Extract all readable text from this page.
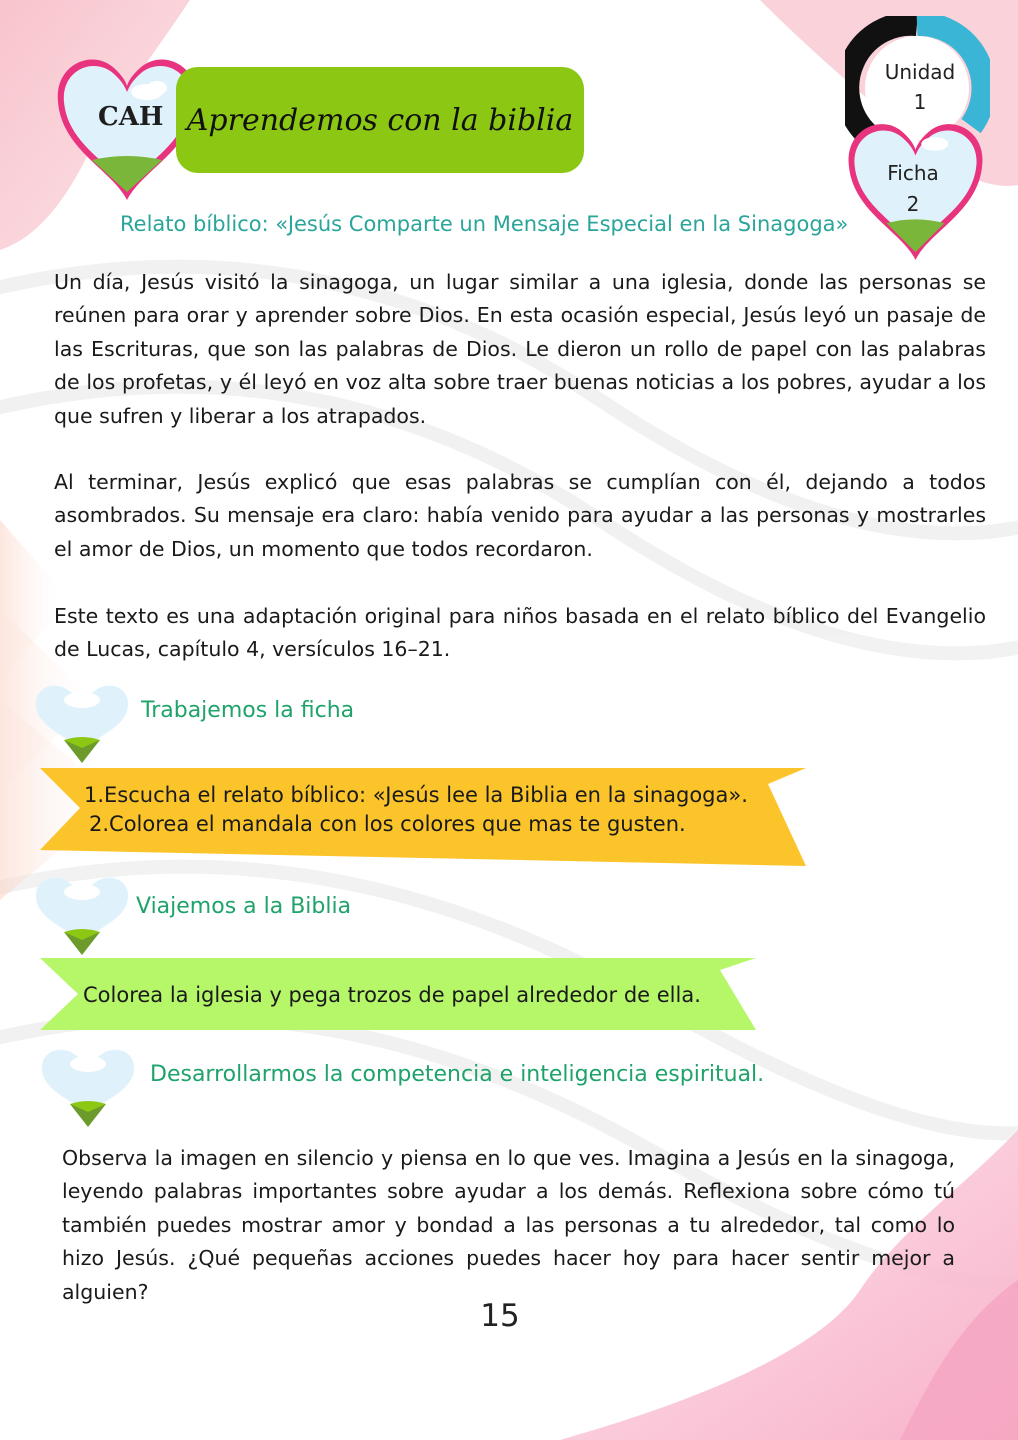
CAH Aprendemos con la biblia
Unidad
1
Ficha
2
Relato bíblico: «Jesús Comparte un Mensaje Especial en la Sinagoga»

Un día, Jesús visitó la sinagoga, un lugar similar a una iglesia, donde las personas se reúnen para orar y aprender sobre Dios. En esta ocasión especial, Jesús leyó un pasaje de las Escrituras, que son las palabras de Dios. Le dieron un rollo de papel con las palabras de los profetas, y él leyó en voz alta sobre traer buenas noticias a los pobres, ayudar a los que sufren y liberar a los atrapados.

Al terminar, Jesús explicó que esas palabras se cumplían con él, dejando a todos asombrados. Su mensaje era claro: había venido para ayudar a las personas y mostrarles el amor de Dios, un momento que todos recordaron.

Este texto es una adaptación original para niños basada en el relato bíblico del Evangelio de Lucas, capítulo 4, versículos 16–21.

Trabajemos la ficha
1.Escucha el relato bíblico: «Jesús lee la Biblia en la sinagoga».
2.Colorea el mandala con los colores que mas te gusten.
Viajemos a la Biblia
Colorea la iglesia y pega trozos de papel alrededor de ella.
Desarrollarmos la competencia e inteligencia espiritual.

Observa la imagen en silencio y piensa en lo que ves. Imagina a Jesús en la sinagoga, leyendo palabras importantes sobre ayudar a los demás. Reflexiona sobre cómo tú también puedes mostrar amor y bondad a las personas a tu alrededor, tal como lo hizo Jesús. ¿Qué pequeñas acciones puedes hacer hoy para hacer sentir mejor a alguien?

15
